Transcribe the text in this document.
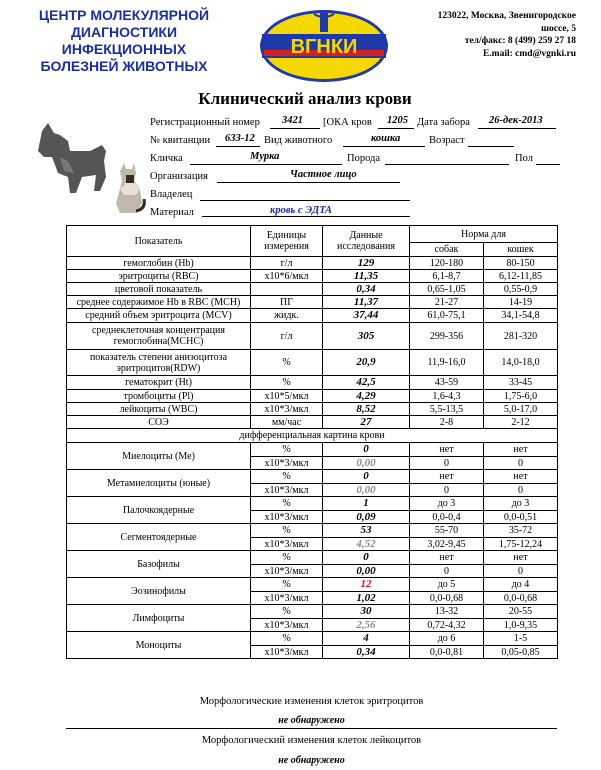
ЦЕНТР МОЛЕКУЛЯРНОЙ
ДИАГНОСТИКИ
ИНФЕКЦИОННЫХ
БОЛЕЗНЕЙ ЖИВОТНЫХ
ВГНКИ
123022, Москва, Звенигородское
шоссе, 5
тел/факс: 8 (499) 259 27 18
E.mail: cmd@vgnki.ru
Клинический анализ крови
Регистрационный номер 3421 [ОКА кров 1205 Дата забора 26-дек-2013
№ квитанции 633-12 Вид животного	кошка	Возраст
Кличка	Мурка	Порода	Пол
Организация	Частное лицо
Владелец
Материал	кровь с ЭДТА
Показатель	Единицы измерения	Данные исследования	Норма для	
			собак	кошек
гемоглобин (Hb)	г/л	129	120-180	80-150
эритроциты (RBC)	x10*6/мкл	11,35	6,1-8,7	6,12-11,85
цветовой показатель		0,34	0,65-1,05	0,55-0,9
среднее содержимое Hb в RBC (MCH)	ПГ	11,37	21-27	14-19
средний объем эритроцита (MCV)	жидк.	37,44	61,0-75,1	34,1-54,8
среднеклеточная концентрация гемоглобина(MCHC)	г/л	305	299-356	281-320
показатель степени анизоцитоза эритроцитов(RDW)	%	20,9	11,9-16,0	14,0-18,0
гематокрит (Ht)	%	42,5	43-59	33-45
тромбоциты (Pl)	x10*5/мкл	4,29	1,6-4,3	1,75-6,0
лейкоциты (WBC)	x10*3/мкл	8,52	5,5-13,5	5,0-17,0
СОЭ	мм/час	27	2-8	2-12
дифференциальная картина крови				
Миелоциты (Ме)	%	0	нет	нет
	x10*3/мкл	0,00	0	0
Метамиелоциты (юные)	%	0	нет	нет
	x10*3/мкл	0,00	0	0
Палочкоядерные	%	1	до 3	до 3
	x10*3/мкл	0,09	0,0-0,4	0,0-0,51
Сегментоядерные	%	53	55-70	35-72
	x10*3/мкл	4,52	3,02-9,45	1,75-12,24
Базофилы	%	0	нет	нет
	x10*3/мкл	0,00	0	0
Эозинофилы	%	12	до 5	до 4
	x10*3/мкл	1,02	0,0-0,68	0,0-0,68
Лимфоциты	%	30	13-32	20-55
	x10*3/мкл	2,56	0,72-4,32	1,0-9,35
Моноциты	%	4	до 6	1-5
	x10*3/мкл	0,34	0,0-0,81	0,05-0,85
Морфологические изменения клеток эритроцитов
не обнаружено
Морфологический изменения клеток лейкоцитов
не обнаружено
